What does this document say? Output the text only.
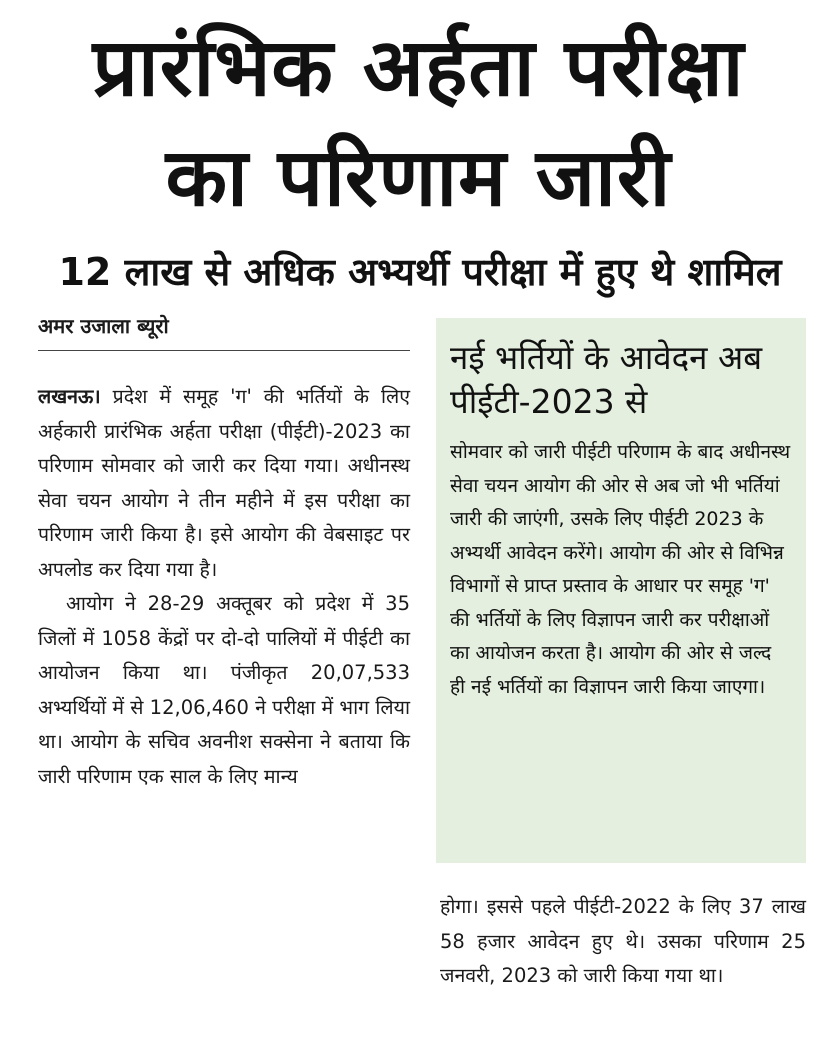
प्रारंभिक अर्हता परीक्षा
का परिणाम जारी
12 लाख से अधिक अभ्यर्थी परीक्षा में हुए थे शामिल
अमर उजाला ब्यूरो

लखनऊ। प्रदेश में समूह 'ग' की भर्तियों के लिए अर्हकारी प्रारंभिक अर्हता परीक्षा (पीईटी)-2023 का परिणाम सोमवार को जारी कर दिया गया। अधीनस्थ सेवा चयन आयोग ने तीन महीने में इस परीक्षा का परिणाम जारी किया है। इसे आयोग की वेबसाइट पर अपलोड कर दिया गया है।

आयोग ने 28-29 अक्तूबर को प्रदेश में 35 जिलों में 1058 केंद्रों पर दो-दो पालियों में पीईटी का आयोजन किया था। पंजीकृत 20,07,533 अभ्यर्थियों में से 12,06,460 ने परीक्षा में भाग लिया था। आयोग के सचिव अवनीश सक्सेना ने बताया कि जारी परिणाम एक साल के लिए मान्य

नई भर्तियों के आवेदन अब पीईटी-2023 से

सोमवार को जारी पीईटी परिणाम के बाद अधीनस्थ सेवा चयन आयोग की ओर से अब जो भी भर्तियां जारी की जाएंगी, उसके लिए पीईटी 2023 के अभ्यर्थी आवेदन करेंगे। आयोग की ओर से विभिन्न विभागों से प्राप्त प्रस्ताव के आधार पर समूह 'ग' की भर्तियों के लिए विज्ञापन जारी कर परीक्षाओं का आयोजन करता है। आयोग की ओर से जल्द ही नई भर्तियों का विज्ञापन जारी किया जाएगा।

होगा। इससे पहले पीईटी-2022 के लिए 37 लाख 58 हजार आवेदन हुए थे। उसका परिणाम 25 जनवरी, 2023 को जारी किया गया था।
